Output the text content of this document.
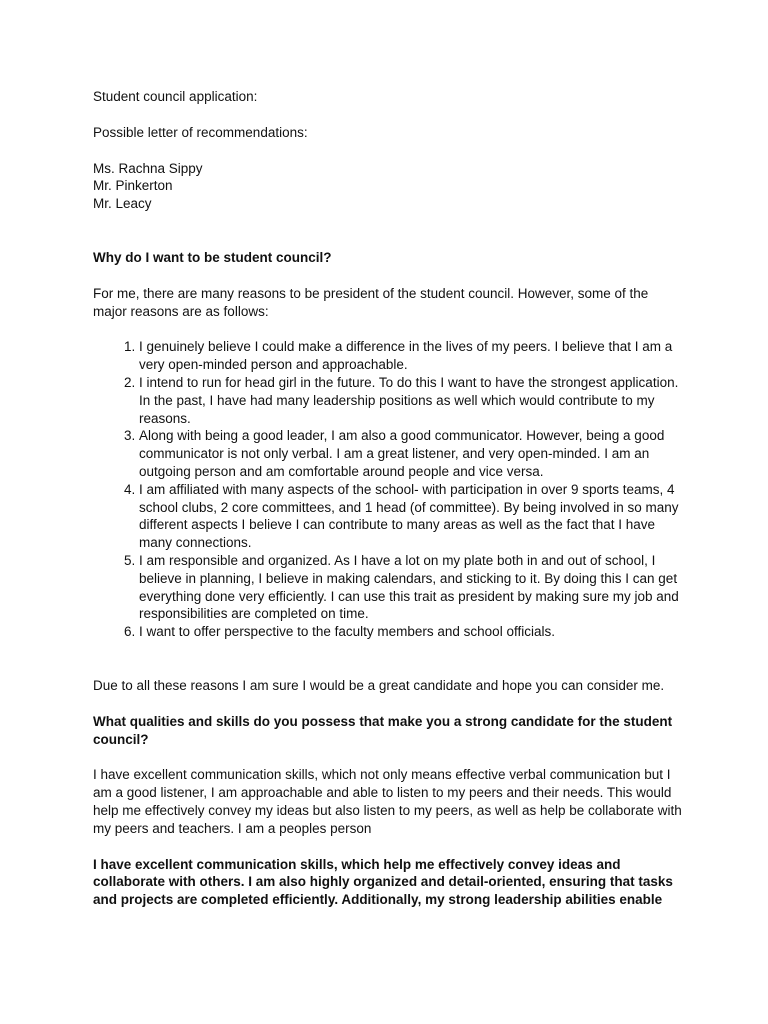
Student council application:

Possible letter of recommendations:

Ms. Rachna Sippy
Mr. Pinkerton
Mr. Leacy

Why do I want to be student council?

For me, there are many reasons to be president of the student council. However, some of the major reasons are as follows:

1. I genuinely believe I could make a difference in the lives of my peers. I believe that I am a very open-minded person and approachable.
2. I intend to run for head girl in the future. To do this I want to have the strongest application. In the past, I have had many leadership positions as well which would contribute to my reasons.
3. Along with being a good leader, I am also a good communicator. However, being a good communicator is not only verbal. I am a great listener, and very open-minded. I am an outgoing person and am comfortable around people and vice versa.
4. I am affiliated with many aspects of the school- with participation in over 9 sports teams, 4 school clubs, 2 core committees, and 1 head (of committee). By being involved in so many different aspects I believe I can contribute to many areas as well as the fact that I have many connections.
5. I am responsible and organized. As I have a lot on my plate both in and out of school, I believe in planning, I believe in making calendars, and sticking to it. By doing this I can get everything done very efficiently. I can use this trait as president by making sure my job and responsibilities are completed on time.
6. I want to offer perspective to the faculty members and school officials.

Due to all these reasons I am sure I would be a great candidate and hope you can consider me.

What qualities and skills do you possess that make you a strong candidate for the student council?

I have excellent communication skills, which not only means effective verbal communication but I am a good listener, I am approachable and able to listen to my peers and their needs. This would help me effectively convey my ideas but also listen to my peers, as well as help be collaborate with my peers and teachers. I am a peoples person

I have excellent communication skills, which help me effectively convey ideas and collaborate with others. I am also highly organized and detail-oriented, ensuring that tasks and projects are completed efficiently. Additionally, my strong leadership abilities enable
